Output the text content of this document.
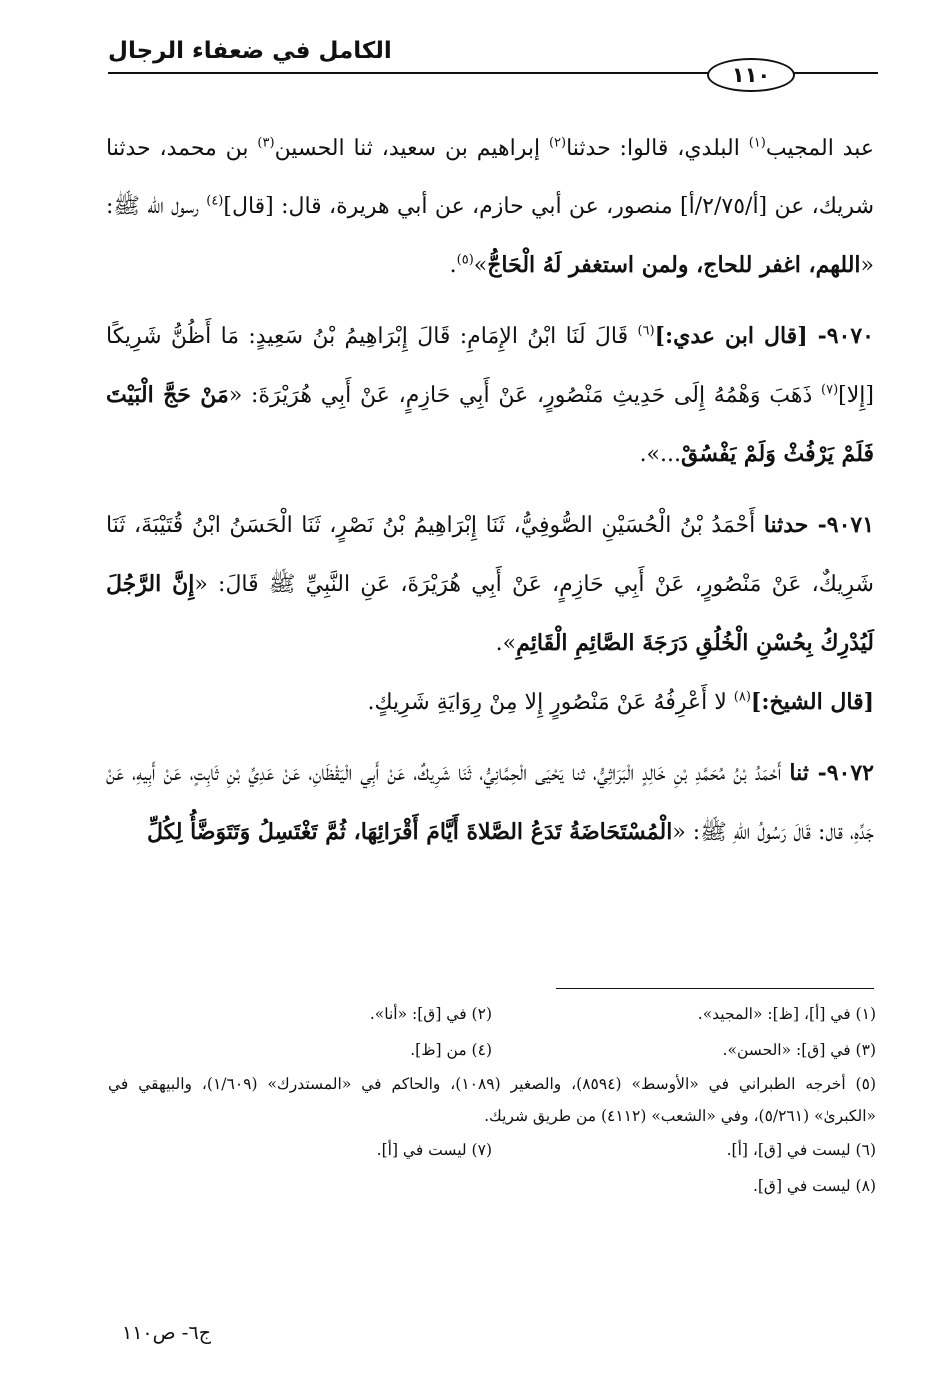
الكامل في ضعفاء الرجال
١١٠

عبد المجيب$^{(١)}$ البلدي، قالوا: حدثنا$^{(٢)}$ إبراهيم بن سعيد، ثنا الحسين$^{(٣)}$ بن محمد، حدثنا شريك، عن [أ/٢/٧٥/أ] منصور، عن أبي حازم، عن أبي هريرة، قال: [قال]$^{(٤)}$ رسول الله ﷺ: «اللهم، اغفر للحاج، ولمن استغفر لَهُ الْحَاجُّ»$^{(٥)}$.

٩٠٧٠- [قال ابن عدي:]$^{(٦)}$ قَالَ لَنَا ابْنُ الإِمَامِ: قَالَ إِبْرَاهِيمُ بْنُ سَعِيدٍ: مَا أَظُنُّ شَرِيكًا [إِلا]$^{(٧)}$ ذَهَبَ وَهْمُهُ إِلَى حَدِيثِ مَنْصُورٍ، عَنْ أَبِي حَازِمٍ، عَنْ أَبِي هُرَيْرَةَ: «مَنْ حَجَّ الْبَيْتَ فَلَمْ يَرْفُثْ وَلَمْ يَفْسُقْ...».

٩٠٧١- حدثنا أَحْمَدُ بْنُ الْحُسَيْنِ الصُّوفِيُّ، ثَنَا إِبْرَاهِيمُ بْنُ نَصْرٍ، ثَنَا الْحَسَنُ ابْنُ قُتَيْبَةَ، ثَنَا شَرِيكٌ، عَنْ مَنْصُورٍ، عَنْ أَبِي حَازِمٍ، عَنْ أَبِي هُرَيْرَةَ، عَنِ النَّبِيِّ ﷺ قَالَ: «إِنَّ الرَّجُلَ لَيُدْرِكُ بِحُسْنِ الْخُلُقِ دَرَجَةَ الصَّائِمِ الْقَائِمِ».

[قال الشيخ:]$^{(٨)}$ لا أَعْرِفُهُ عَنْ مَنْصُورٍ إِلا مِنْ رِوَايَةِ شَرِيكٍ.

٩٠٧٢- ثنا أَحْمَدُ بْنُ مُحَمَّدِ بْنِ خَالِدٍ الْبَرَاثِيُّ، ثنا يَحْيَى الْحِمَّانِيُّ، ثَنَا شَرِيكٌ، عَنْ أَبِي الْيَقْظَانِ، عَنْ عَدِيِّ بْنِ ثَابِتٍ، عَنْ أَبِيهِ، عَنْ جَدِّهِ، قال: قَالَ رَسُولُ اللهِ ﷺ: «الْمُسْتَحَاضَةُ تَدَعُ الصَّلاةَ أَيَّامَ أَقْرَائِهَا، ثُمَّ تَغْتَسِلُ وَتَتَوَضَّأُ لِكُلِّ

(١) في [أ]، [ظ]: «المجيد».
(٢) في [ق]: «أنا».
(٣) في [ق]: «الحسن».
(٤) من [ظ].
(٥) أخرجه الطبراني في «الأوسط» (٨٥٩٤)، والصغير (١٠٨٩)، والحاكم في «المستدرك» (١/٦٠٩)، والبيهقي في «الكبرىٰ» (٥/٢٦١)، وفي «الشعب» (٤١١٢) من طريق شريك.
(٦) ليست في [ق]، [أ].
(٧) ليست في [أ].
(٨) ليست في [ق].
ج٦- ص١١٠
